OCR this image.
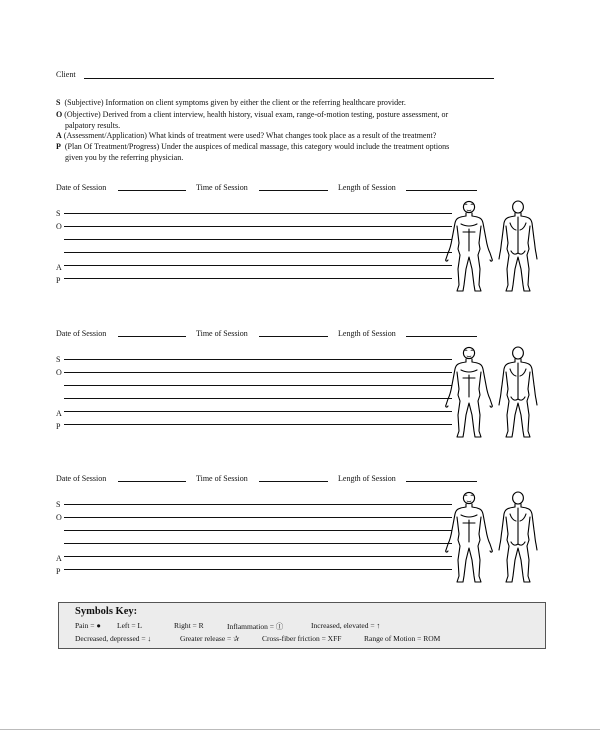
Client
S (Subjective) Information on client symptoms given by either the client or the referring healthcare provider.
O (Objective) Derived from a client interview, health history, visual exam, range-of-motion testing, posture assessment, or
palpatory results.
A (Assessment/Application) What kinds of treatment were used? What changes took place as a result of the treatment?
P (Plan Of Treatment/Progress) Under the auspices of medical massage, this category would include the treatment options
given you by the referring physician.
Date of Session	Time of Session	Length of Session
S
O
A
P
Date of Session	Time of Session	Length of Session
S
O
A
P
Date of Session	Time of Session	Length of Session
S
O
A
P
Symbols Key:
Pain = ● Left = L	Right = R	Inflammation = Ⓘ	Increased, elevated = ↑
Decreased, depressed = ↓	Greater release = ✰	Cross-fiber friction = XFF	Range of Motion = ROM
